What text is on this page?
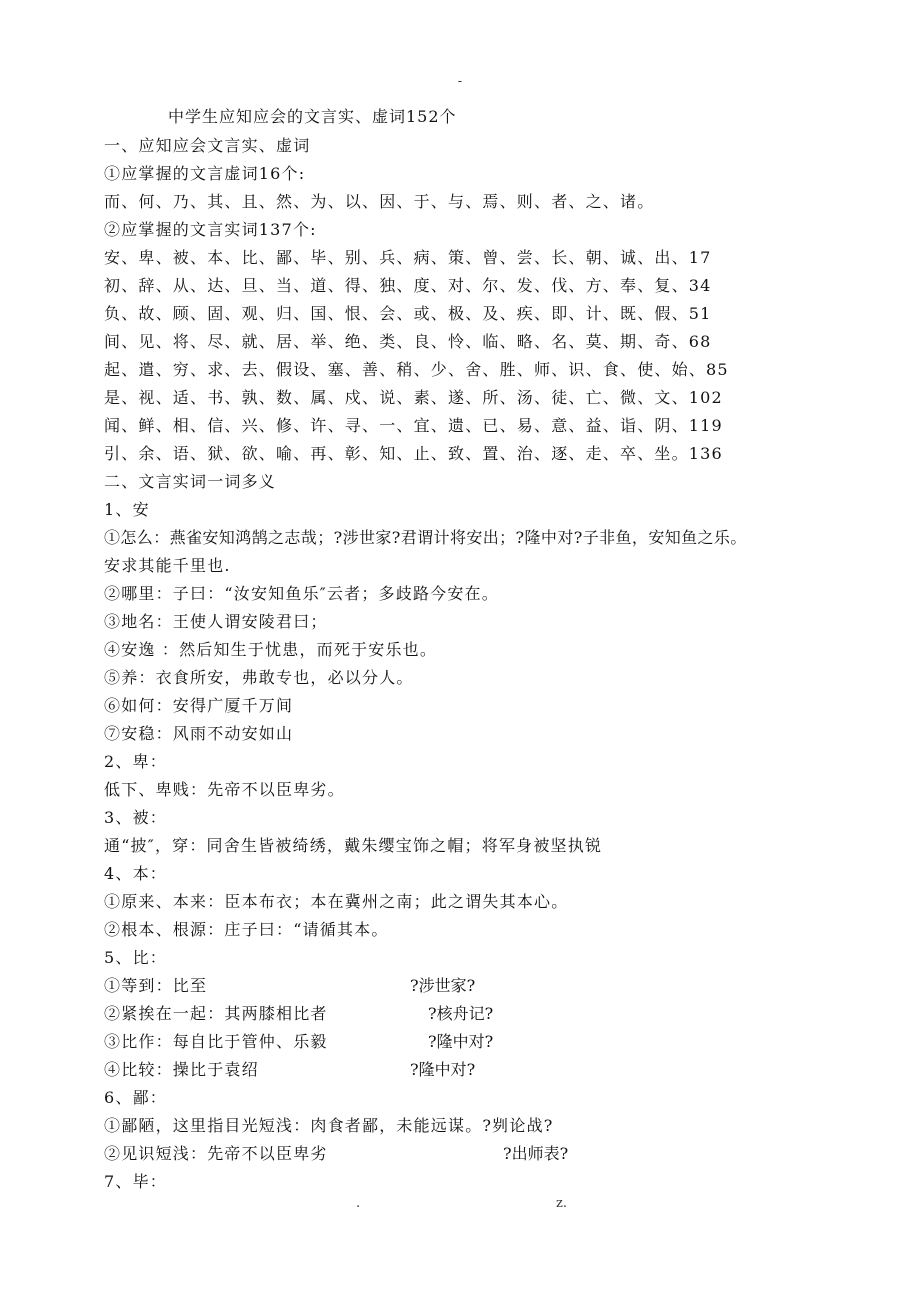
-
中学生应知应会的文言实、虚词152个
一、应知应会文言实、虚词
①应掌握的文言虚词16个:
而、何、乃、其、且、然、为、以、因、于、与、焉、则、者、之、诸。
②应掌握的文言实词137个:
安、卑、被、本、比、鄙、毕、别、兵、病、策、曾、尝、长、朝、诚、出、17
初、辞、从、达、旦、当、道、得、独、度、对、尔、发、伐、方、奉、复、34
负、故、顾、固、观、归、国、恨、会、或、极、及、疾、即、计、既、假、51
间、见、将、尽、就、居、举、绝、类、良、怜、临、略、名、莫、期、奇、68
起、遣、穷、求、去、假设、塞、善、稍、少、舍、胜、师、识、食、使、始、85
是、视、适、书、孰、数、属、戍、说、素、遂、所、汤、徒、亡、微、文、102
闻、鲜、相、信、兴、修、许、寻、一、宜、遗、已、易、意、益、诣、阴、119
引、余、语、狱、欲、喻、再、彰、知、止、致、置、治、逐、走、卒、坐。136
二、文言实词一词多义
1、安
①怎么：燕雀安知鸿鹄之志哉；?涉世家?君谓计将安出；?隆中对?子非鱼，安知鱼之乐。
安求其能千里也.
②哪里：子曰：“汝安知鱼乐″云者；多歧路今安在。
③地名：王使人谓安陵君曰；
④安逸 ：然后知生于忧患，而死于安乐也。
⑤养：衣食所安，弗敢专也，必以分人。
⑥如何：安得广厦千万间
⑦安稳：风雨不动安如山
2、卑：
低下、卑贱：先帝不以臣卑劣。
3、被：
通“披″，穿：同舍生皆被绮绣，戴朱缨宝饰之帽；将军身被坚执锐
4、本：
①原来、本来：臣本布衣；本在冀州之南；此之谓失其本心。
②根本、根源：庄子曰：“请循其本。
5、比：
①等到：比至	?涉世家?
②紧挨在一起：其两膝相比者	?核舟记?
③比作：每自比于管仲、乐毅	?隆中对?
④比较：操比于袁绍	?隆中对?
6、鄙：
①鄙陋，这里指目光短浅：肉食者鄙，未能远谋。?刿论战?
②见识短浅：先帝不以臣卑劣	?出师表?
7、毕：
.	z.
